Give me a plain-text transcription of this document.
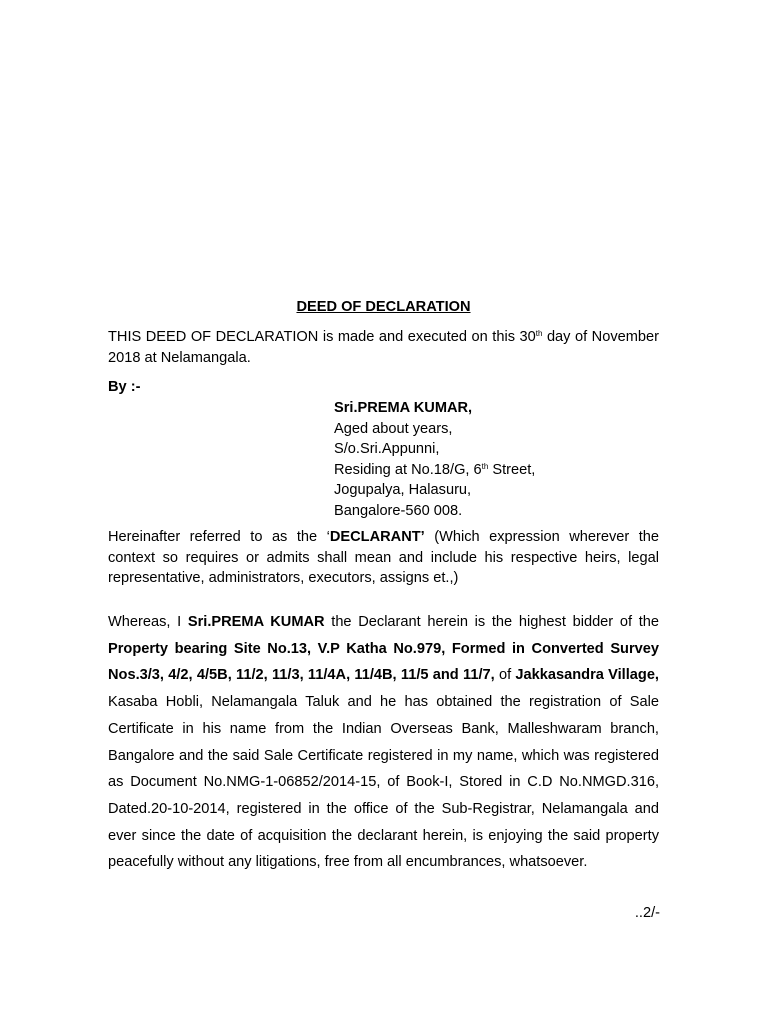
DEED OF DECLARATION
THIS DEED OF DECLARATION is made and executed on this 30th day of November 2018 at Nelamangala.
By :-
Sri.PREMA KUMAR,
Aged about years,
S/o.Sri.Appunni,
Residing at No.18/G, 6th Street,
Jogupalya, Halasuru,
Bangalore-560 008.
Hereinafter referred to as the ‘DECLARANT’ (Which expression wherever the context so requires or admits shall mean and include his respective heirs, legal representative, administrators, executors, assigns et.,)
Whereas, I Sri.PREMA KUMAR the Declarant herein is the highest bidder of the Property bearing Site No.13, V.P Katha No.979, Formed in Converted Survey Nos.3/3, 4/2, 4/5B, 11/2, 11/3, 11/4A, 11/4B, 11/5 and 11/7, of Jakkasandra Village, Kasaba Hobli, Nelamangala Taluk and he has obtained the registration of Sale Certificate in his name from the Indian Overseas Bank, Malleshwaram branch, Bangalore and the said Sale Certificate registered in my name, which was registered as Document No.NMG-1-06852/2014-15, of Book-I, Stored in C.D No.NMGD.316, Dated.20-10-2014, registered in the office of the Sub-Registrar, Nelamangala and ever since the date of acquisition the declarant herein, is enjoying the said property peacefully without any litigations, free from all encumbrances, whatsoever.
..2/-
